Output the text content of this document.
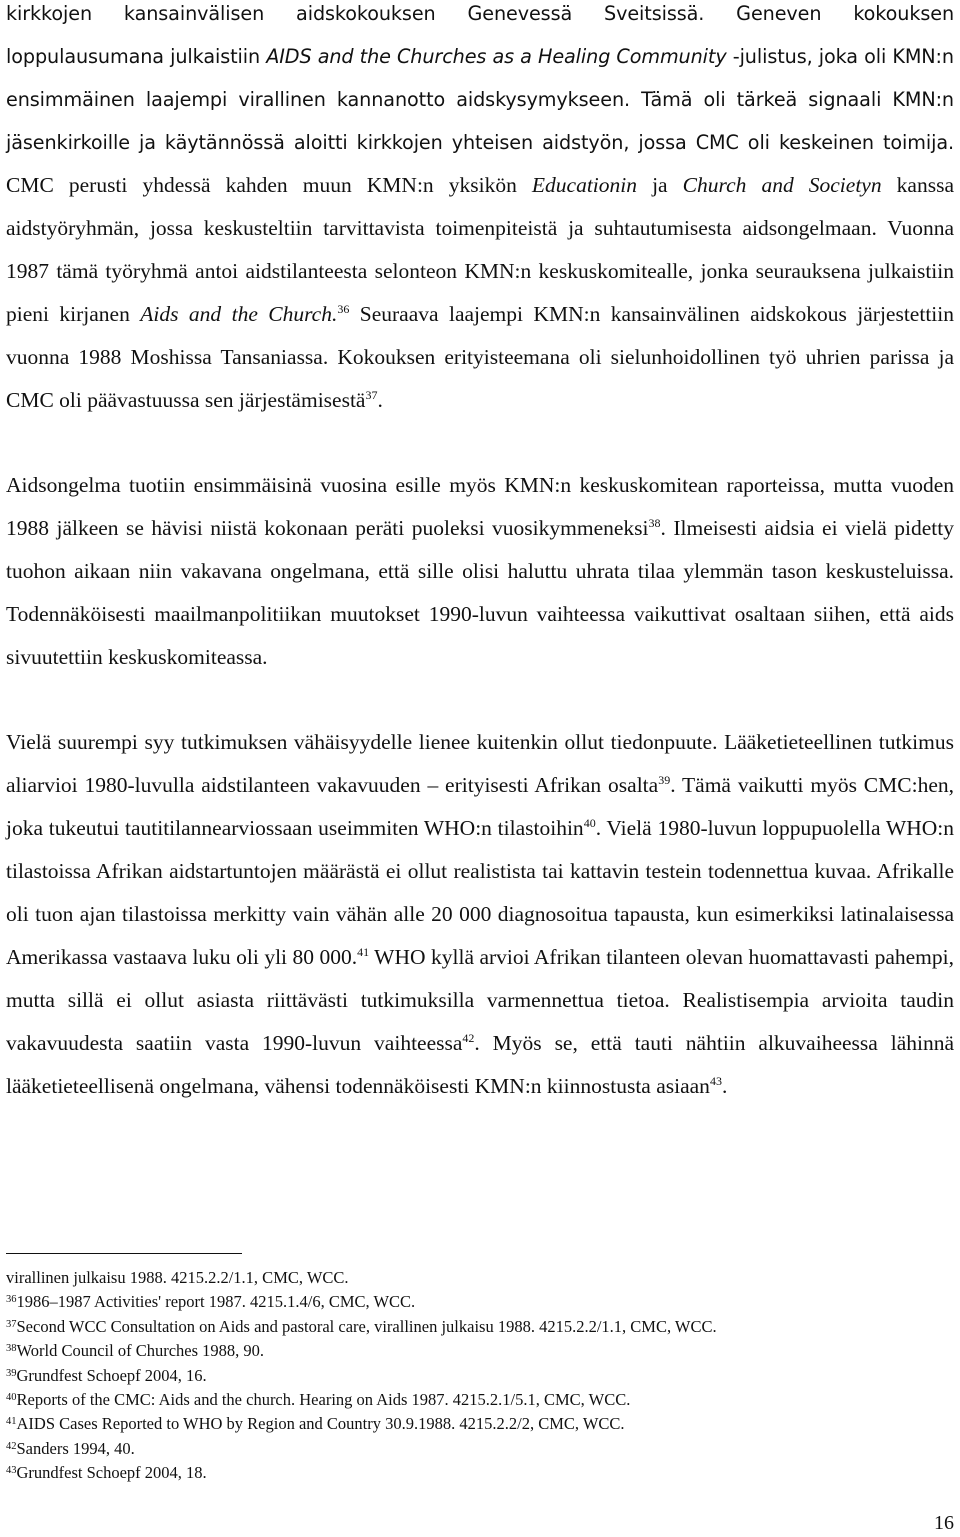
kirkkojen kansainvälisen aidskokouksen Genevessä Sveitsissä. Geneven kokouksen loppulausumana julkaistiin AIDS and the Churches as a Healing Community -julistus, joka oli KMN:n ensimmäinen laajempi virallinen kannanotto aidskysymykseen. Tämä oli tärkeä signaali KMN:n jäsenkirkoille ja käytännössä aloitti kirkkojen yhteisen aidstyön, jossa CMC oli keskeinen toimija. CMC perusti yhdessä kahden muun KMN:n yksikön Educationin ja Church and Societyn kanssa aidstyöryhmän, jossa keskusteltiin tarvittavista toimenpiteistä ja suhtautumisesta aidsongelmaan. Vuonna 1987 tämä työryhmä antoi aidstilanteesta selonteon KMN:n keskuskomitealle, jonka seurauksena julkaistiin pieni kirjanen Aids and the Church.$^{36}$ Seuraava laajempi KMN:n kansainvälinen aidskokous järjestettiin vuonna 1988 Moshissa Tansaniassa. Kokouksen erityisteemana oli sielunhoidollinen työ uhrien parissa ja CMC oli päävastuussa sen järjestämisestä$^{37}$.

Aidsongelma tuotiin ensimmäisinä vuosina esille myös KMN:n keskuskomitean raporteissa, mutta vuoden 1988 jälkeen se hävisi niistä kokonaan peräti puoleksi vuosikymmeneksi$^{38}$. Ilmeisesti aidsia ei vielä pidetty tuohon aikaan niin vakavana ongelmana, että sille olisi haluttu uhrata tilaa ylemmän tason keskusteluissa. Todennäköisesti maailmanpolitiikan muutokset 1990-luvun vaihteessa vaikuttivat osaltaan siihen, että aids sivuutettiin keskuskomiteassa.

Vielä suurempi syy tutkimuksen vähäisyydelle lienee kuitenkin ollut tiedonpuute. Lääketieteellinen tutkimus aliarvioi 1980-luvulla aidstilanteen vakavuuden – erityisesti Afrikan osalta$^{39}$. Tämä vaikutti myös CMC:hen, joka tukeutui tautitilannearviossaan useimmiten WHO:n tilastoihin$^{40}$. Vielä 1980-luvun loppupuolella WHO:n tilastoissa Afrikan aidstartuntojen määrästä ei ollut realistista tai kattavin testein todennettua kuvaa. Afrikalle oli tuon ajan tilastoissa merkitty vain vähän alle 20 000 diagnosoitua tapausta, kun esimerkiksi latinalaisessa Amerikassa vastaava luku oli yli 80 000.41 WHO kyllä arvioi Afrikan tilanteen olevan huomattavasti pahempi, mutta sillä ei ollut asiasta riittävästi tutkimuksilla varmennettua tietoa. Realistisempia arvioita taudin vakavuudesta saatiin vasta 1990-luvun vaihteessa$^{42}$. Myös se, että tauti nähtiin alkuvaiheessa lähinnä lääketieteellisenä ongelmana, vähensi todennäköisesti KMN:n kiinnostusta asiaan$^{43}$.

virallinen julkaisu 1988. 4215.2.2/1.1, CMC, WCC.
$^{36}$1986–1987 Activities' report 1987. 4215.1.4/6, CMC, WCC.
$^{37}$Second WCC Consultation on Aids and pastoral care, virallinen julkaisu 1988. 4215.2.2/1.1, CMC, WCC.
$^{38}$World Council of Churches 1988, 90.
$^{39}$Grundfest Schoepf 2004, 16.
$^{40}$Reports of the CMC: Aids and the church. Hearing on Aids 1987. 4215.2.1/5.1, CMC, WCC.
$^{41}$AIDS Cases Reported to WHO by Region and Country 30.9.1988. 4215.2.2/2, CMC, WCC.
$^{42}$Sanders 1994, 40.
$^{43}$Grundfest Schoepf 2004, 18.
16
